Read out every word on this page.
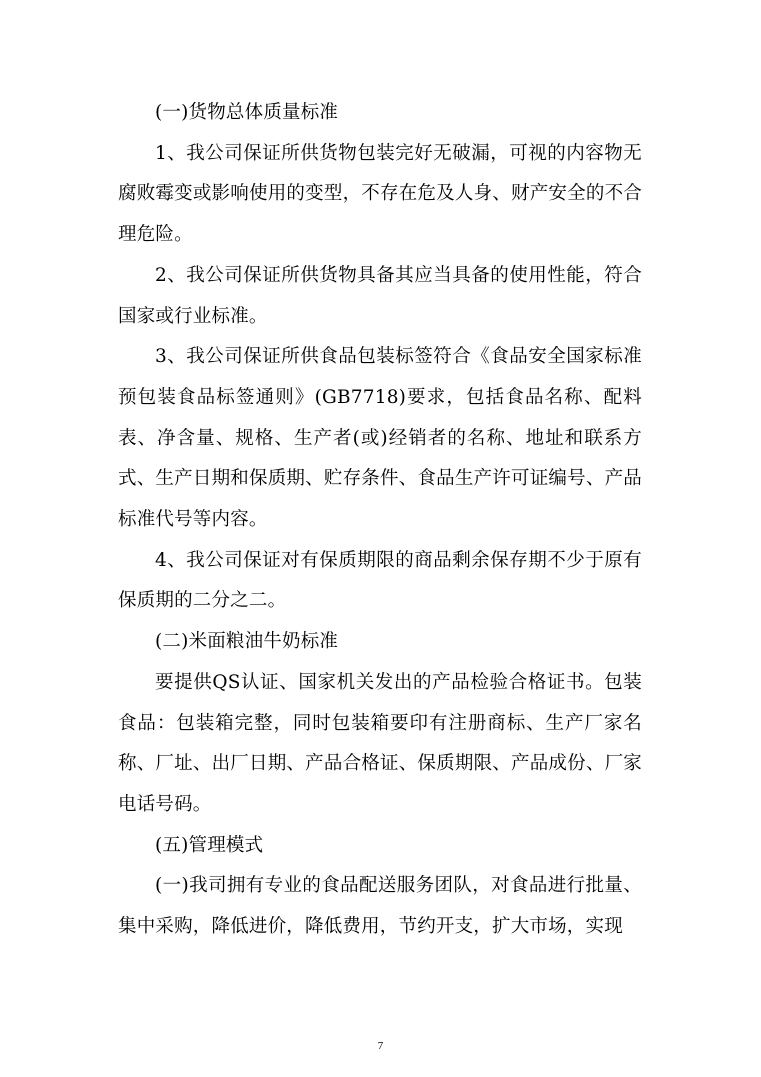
(一)货物总体质量标准

1、我公司保证所供货物包装完好无破漏，可视的内容物无腐败霉变或影响使用的变型，不存在危及人身、财产安全的不合理危险。

2、我公司保证所供货物具备其应当具备的使用性能，符合国家或行业标准。

3、我公司保证所供食品包装标签符合《食品安全国家标准 预包装食品标签通则》(GB7718)要求，包括食品名称、配料表、净含量、规格、生产者(或)经销者的名称、地址和联系方式、生产日期和保质期、贮存条件、食品生产许可证编号、产品标准代号等内容。

4、我公司保证对有保质期限的商品剩余保存期不少于原有保质期的二分之二。

(二)米面粮油牛奶标准

要提供QS认证、国家机关发出的产品检验合格证书。包装食品：包装箱完整，同时包装箱要印有注册商标、生产厂家名称、厂址、出厂日期、产品合格证、保质期限、产品成份、厂家电话号码。

(五)管理模式

(一)我司拥有专业的食品配送服务团队，对食品进行批量、集中采购，降低进价，降低费用，节约开支，扩大市场，实现

7
